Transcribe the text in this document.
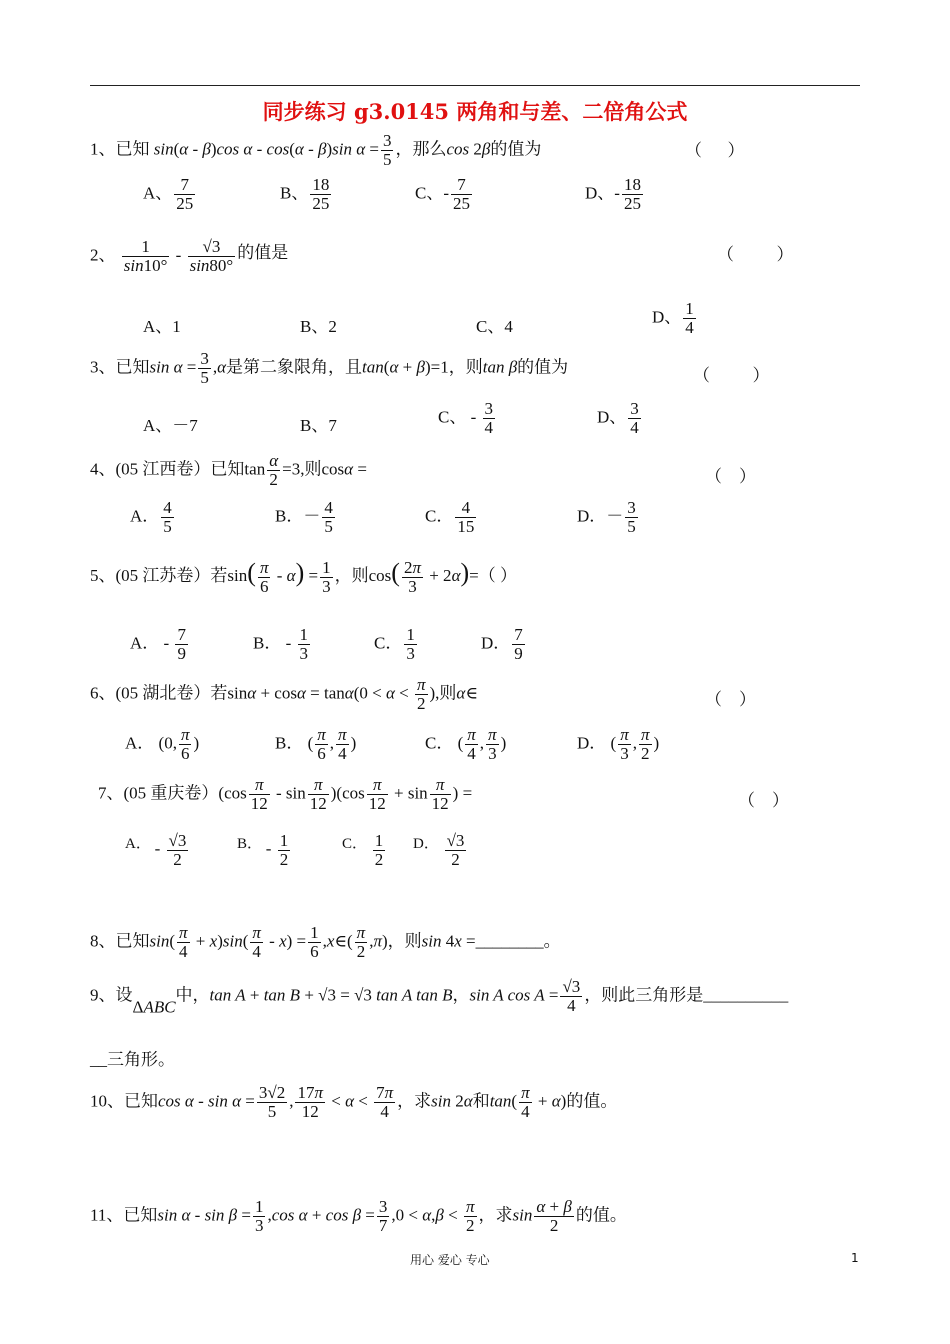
同步练习 g3.0145 两角和与差、二倍角公式
1、已知 sin(α - β)cos α - cos(α - β)sin $\alpha = \frac{3}{5}$ ，那么cos 2β的值为	（      ）
A、 $\frac{7}{25}$	B、 $\frac{18}{25}$	C、- $\frac{7}{25}$	D、- $\frac{18}{25}$
2、 $\frac{1}{\sin 10^\circ} - \frac{√3}{\sin 80^\circ}$ 的值是	（          ）
A、1	B、2	C、4
D、 $\frac{1}{4}$
3、已知$\sin \alpha = \frac{3}{5} ,\alpha$是第二象限角，且tan(α + β)=1，则tan β的值为	（          ）
A、－7	B、7	C、 - $\frac{3}{4}$	D、 $\frac{3}{4}$
4、(05 江西卷）已知$\tan \frac{\alpha}{2} =3$,则cosα =	（    ）
A． $\frac{4}{5}$	B．－ $\frac{4}{5}$	C． $\frac{4}{15}$	D．－ $\frac{3}{5}$
5、(05 江苏卷）若$\sin( \frac{\pi}{6} - \alpha) = \frac{1}{3}$ ，则$\cos( \frac{2\pi}{3} + 2\alpha)=$（ ）
A． - $\frac{7}{9}$	B． - $\frac{1}{3}$	C． $\frac{1}{3}$	D． $\frac{7}{9}$
6、(05 湖北卷）若$\sin\alpha + \cos\alpha = \tan\alpha(0 < \alpha < \frac{\pi}{2}$ ),则α∈	（    ）
A． (0, $\frac{\pi}{6}$ )	B． ( $\frac{\pi}{6}$ , $\frac{\pi}{4}$ )	C． ( $\frac{\pi}{4}$ , $\frac{\pi}{3}$ )	D． ( $\frac{\pi}{3}$ , $\frac{\pi}{2}$ )
7、(05 重庆卷）$(\cos \frac{\pi}{12} - \sin \frac{\pi}{12} )(\cos \frac{\pi}{12} + \sin \frac{\pi}{12}$ ) =	（    ）
A． - $\frac{√3}{2}$	B． - $\frac{1}{2}$	C． $\frac{1}{2}$ D． $\frac{√3}{2}$
8、已知$\sin( \frac{\pi}{4} + x)\sin( \frac{\pi}{4} - x) = \frac{1}{6}$ ,x∈( $\frac{\pi}{2} ,\pi$)，则sin 4x =________。
9、设ΔABC中，tan A + tan B + √3 = √3 tan A tan B，sin A $\cos A = \frac{√3}{4}$ ，则此三角形是__________
__三角形。
10、已知$\cos \alpha - \sin \alpha = \frac{3√2}{5}$ , $\frac{17\pi}{12} < \alpha < \frac{7\pi}{4}$ ，求sin 2α和$\tan( \frac{\pi}{4} + \alpha)$的值。
11、已知$\sin \alpha - \sin \beta = \frac{1}{3} ,\cos$ $\alpha + \cos \beta = \frac{3}{7} ,0 < \alpha,\beta < \frac{\pi}{2}$ ，求$\sin \frac{\alpha + \beta}{2}$ 的值。
用心 爱心 专心	1
